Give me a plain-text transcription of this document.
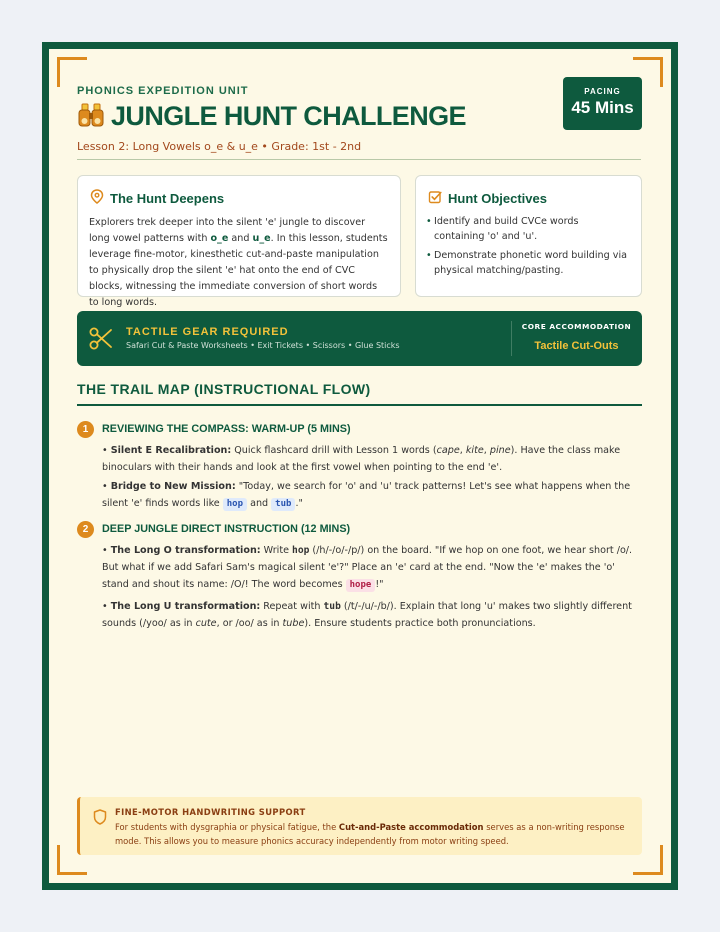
PHONICS EXPEDITION UNIT
JUNGLE HUNT CHALLENGE
Lesson 2: Long Vowels o_e & u_e • Grade: 1st - 2nd
PACING
45 Mins
The Hunt Deepens
Explorers trek deeper into the silent 'e' jungle to discover long vowel patterns with o_e and u_e. In this lesson, students leverage fine-motor, kinesthetic cut-and-paste manipulation to physically drop the silent 'e' hat onto the end of CVC blocks, witnessing the immediate conversion of short words to long words.
Hunt Objectives
• Identify and build CVCe words containing 'o' and 'u'.
• Demonstrate phonetic word building via physical matching/pasting.
TACTILE GEAR REQUIRED
Safari Cut & Paste Worksheets • Exit Tickets • Scissors • Glue Sticks
CORE ACCOMMODATION
Tactile Cut-Outs
THE TRAIL MAP (INSTRUCTIONAL FLOW)
1	REVIEWING THE COMPASS: WARM-UP (5 MINS)

• Silent E Recalibration: Quick flashcard drill with Lesson 1 words (cape, kite, pine). Have the class make binoculars with their hands and look at the first vowel when pointing to the end 'e'.

• Bridge to New Mission: "Today, we search for 'o' and 'u' track patterns! Let's see what happens when the silent 'e' finds words like hop and tub ."

2	DEEP JUNGLE DIRECT INSTRUCTION (12 MINS)

• The Long O transformation: Write hop (/h/-/o/-/p/) on the board. "If we hop on one foot, we hear short /o/. But what if we add Safari Sam's magical silent 'e'?" Place an 'e' card at the end. "Now the 'e' makes the 'o' stand and shout its name: /O/! The word becomes hope !"

• The Long U transformation: Repeat with tub (/t/-/u/-/b/). Explain that long 'u' makes two slightly different sounds (/yoo/ as in cute, or /oo/ as in tube). Ensure students practice both pronunciations.

FINE-MOTOR HANDWRITING SUPPORT
For students with dysgraphia or physical fatigue, the Cut-and-Paste accommodation serves as a non-writing response mode. This allows you to measure phonics accuracy independently from motor writing speed.
